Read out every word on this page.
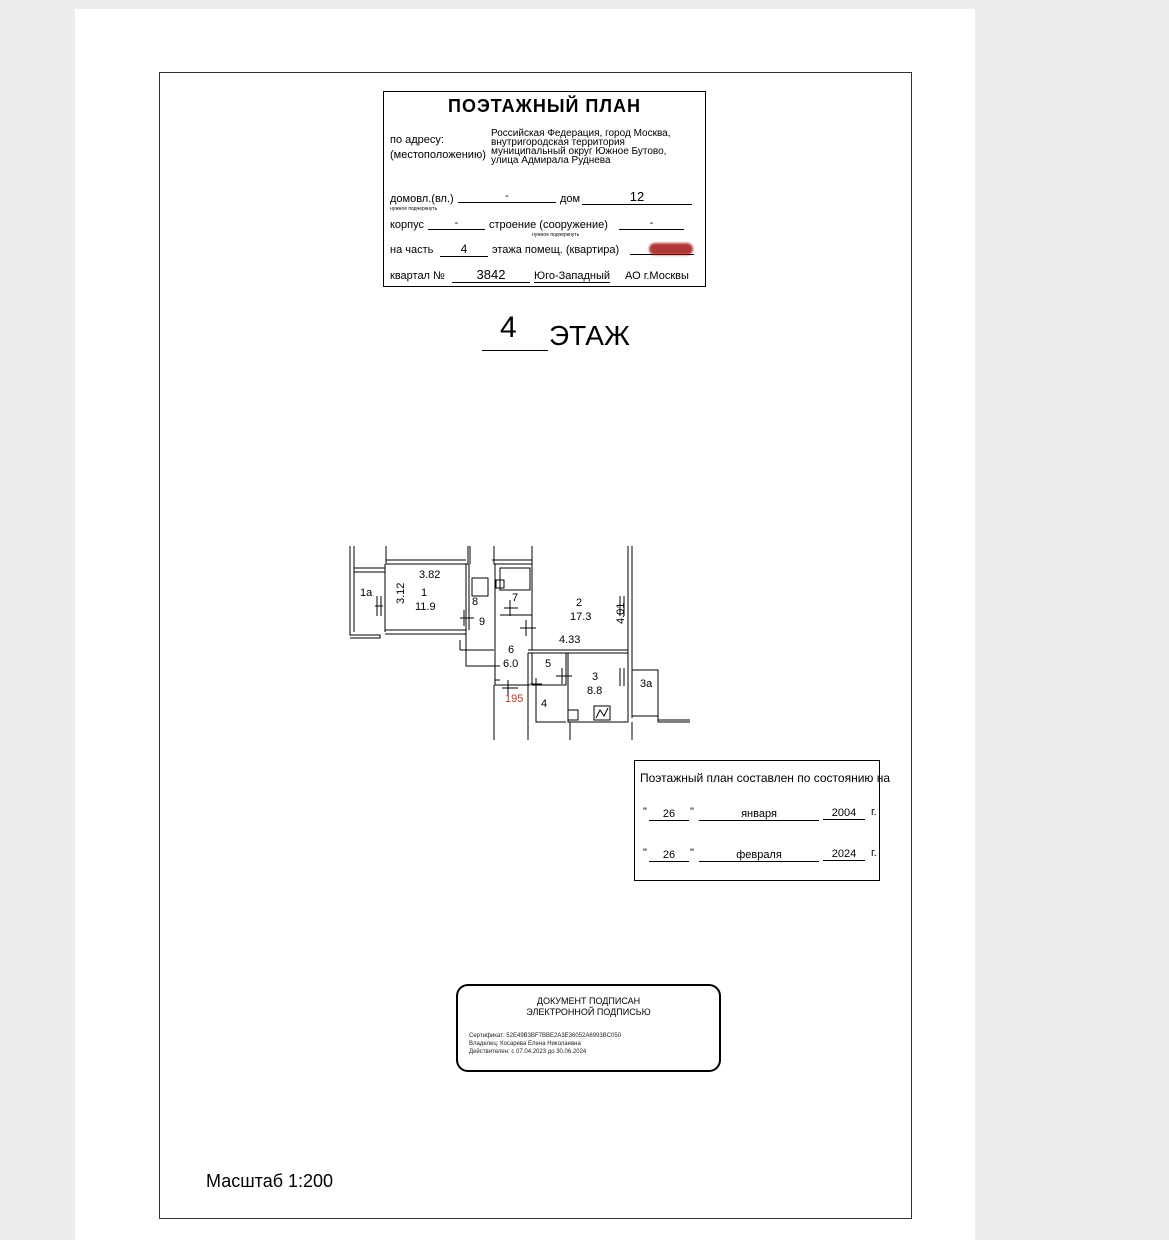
ПОЭТАЖНЫЙ ПЛАН
по адресу:
(местоположению)
Российская Федерация, город Москва,
внутригородская территория
муниципальный округ Южное Бутово,
улица Адмирала Руднева
домовл.(вл.)	-	дом	12
нужное подчеркнуть
корпус	-	строение (сооружение)	-
нужное подчеркнуть
на часть	4	этажа помещ. (квартира)
квартал №	3842	Юго-Западный АО г.Москвы
4 ЭТАЖ
1а	1
11.9	2
17.3
3
8.8
3а
4
5
6
6.0
7
8
9
3.82
3.12
4.01
4.33
195
Поэтажный план составлен по состоянию на
"	26	"	января	2004	г.
"	26	"	февраля	2024	г.
ДОКУМЕНТ ПОДПИСАН
ЭЛЕКТРОННОЙ ПОДПИСЬЮ
Сертификат: 52E49B3BF7BBE2A3E36052A6993BC050
Владелец: Косарева Елена Николаевна
Действителен: с 07.04.2023 до 30.06.2024
Масштаб 1:200
